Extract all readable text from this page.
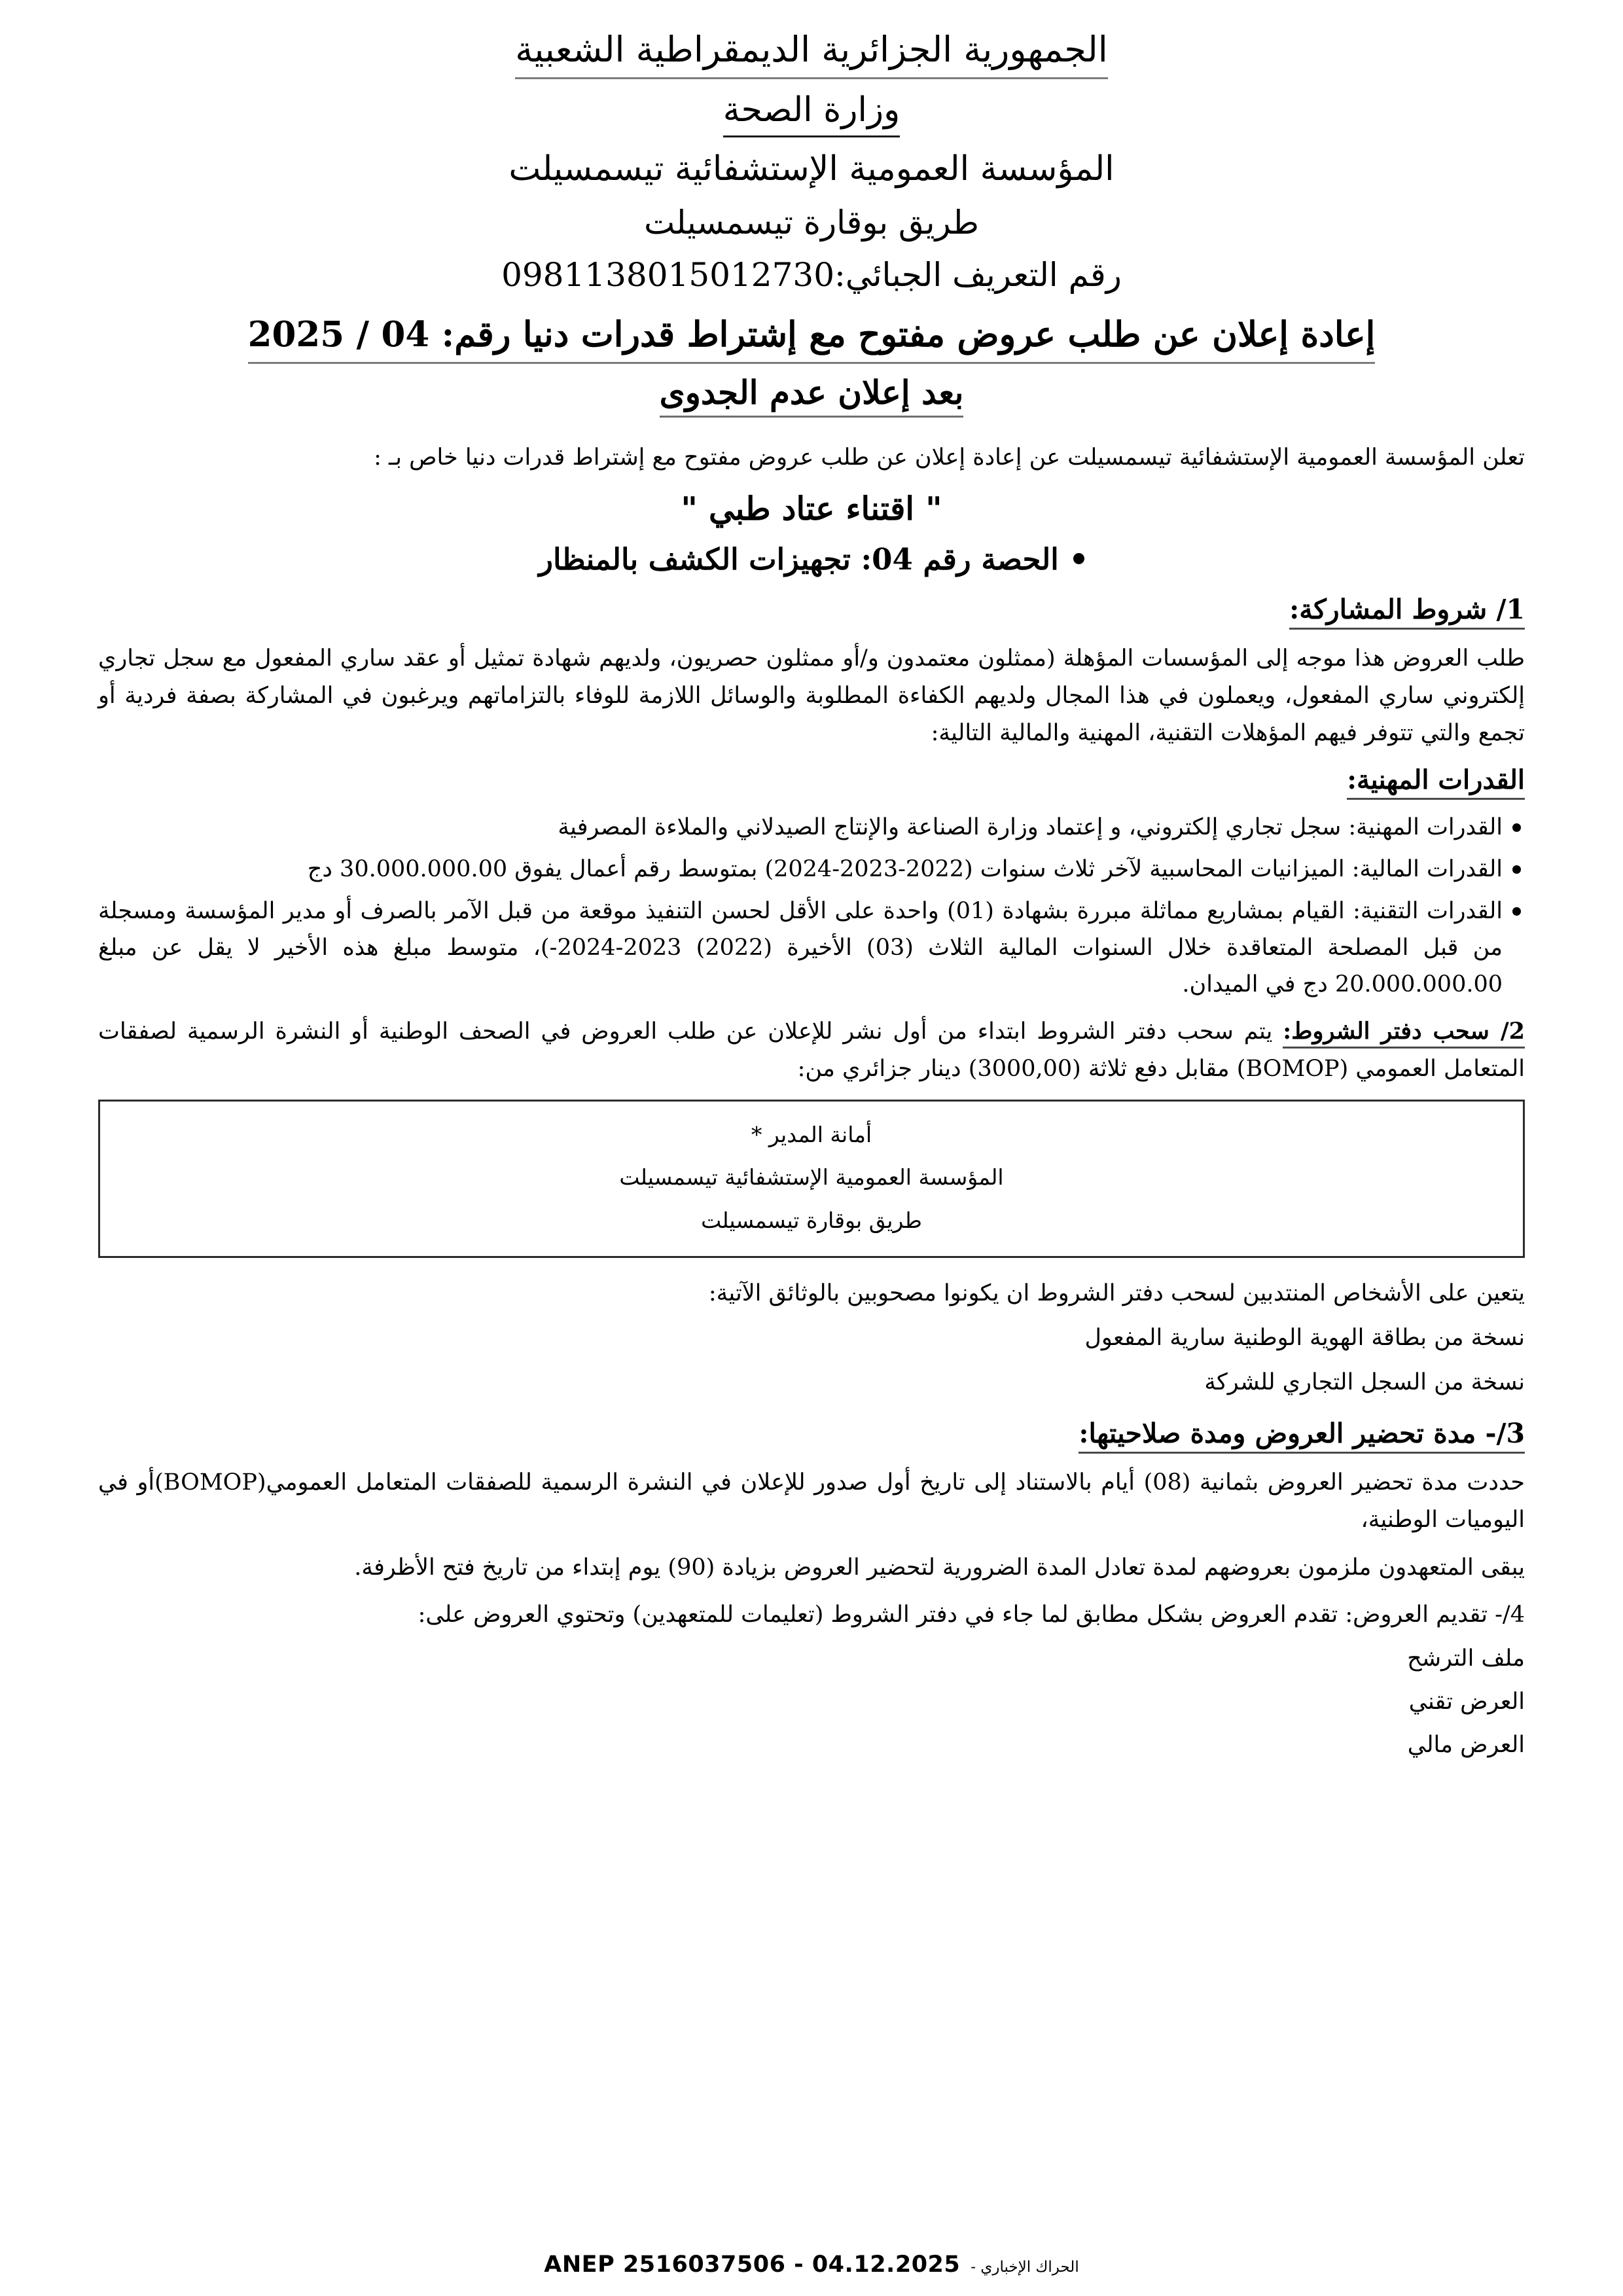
الجمهورية الجزائرية الديمقراطية الشعبية
وزارة الصحة
المؤسسة العمومية الإستشفائية تيسمسيلت
طريق بوقارة تيسمسيلت
رقم التعريف الجبائي:0981138015012730
إعادة إعلان عن طلب عروض مفتوح مع إشتراط قدرات دنيا رقم: 04 / 2025
بعد إعلان عدم الجدوى
تعلن المؤسسة العمومية الإستشفائية تيسمسيلت عن إعادة إعلان عن طلب عروض مفتوح مع إشتراط قدرات دنيا خاص بـ :
" اقتناء عتاد طبي "
الحصة رقم 04: تجهيزات الكشف بالمنظار
1/ شروط المشاركة:
طلب العروض هذا موجه إلى المؤسسات المؤهلة (ممثلون معتمدون و/أو ممثلون حصريون، ولديهم شهادة تمثيل أو عقد ساري المفعول مع سجل تجاري إلكتروني ساري المفعول، ويعملون في هذا المجال ولديهم الكفاءة المطلوبة والوسائل اللازمة للوفاء بالتزاماتهم ويرغبون في المشاركة بصفة فردية أو تجمع والتي تتوفر فيهم المؤهلات التقنية، المهنية والمالية التالية:
القدرات المهنية:
القدرات المهنية: سجل تجاري إلكتروني، و إعتماد وزارة الصناعة والإنتاج الصيدلاني والملاءة المصرفية
القدرات المالية: الميزانيات المحاسبية لآخر ثلاث سنوات (2022-2023-2024) بمتوسط رقم أعمال يفوق 30.000.000.00 دج
القدرات التقنية: القيام بمشاريع مماثلة مبررة بشهادة (01) واحدة على الأقل لحسن التنفيذ موقعة من قبل الآمر بالصرف أو مدير المؤسسة ومسجلة من قبل المصلحة المتعاقدة خلال السنوات المالية الثلاث (03) الأخيرة (2022) 2023-2024-)، متوسط مبلغ هذه الأخير لا يقل عن مبلغ 20.000.000.00 دج في الميدان.
2/ سحب دفتر الشروط: يتم سحب دفتر الشروط ابتداء من أول نشر للإعلان عن طلب العروض في الصحف الوطنية أو النشرة الرسمية لصفقات المتعامل العمومي (BOMOP) مقابل دفع ثلاثة (3000,00) دينار جزائري من:
أمانة المدير *
المؤسسة العمومية الإستشفائية تيسمسيلت
طريق بوقارة تيسمسيلت
يتعين على الأشخاص المنتدبين لسحب دفتر الشروط ان يكونوا مصحوبين بالوثائق الآتية:
نسخة من بطاقة الهوية الوطنية سارية المفعول
نسخة من السجل التجاري للشركة
3/- مدة تحضير العروض ومدة صلاحيتها:
حددت مدة تحضير العروض بثمانية (08) أيام بالاستناد إلى تاريخ أول صدور للإعلان في النشرة الرسمية للصفقات المتعامل العمومي(BOMOP)أو في اليوميات الوطنية،
يبقى المتعهدون ملزمون بعروضهم لمدة تعادل المدة الضرورية لتحضير العروض بزيادة (90) يوم إبتداء من تاريخ فتح الأظرفة.
4/- تقديم العروض: تقدم العروض بشكل مطابق لما جاء في دفتر الشروط (تعليمات للمتعهدين) وتحتوي العروض على:
ملف الترشح
العرض تقني
العرض مالي
الحراك الإخباري -
ANEP 2516037506 - 04.12.2025
